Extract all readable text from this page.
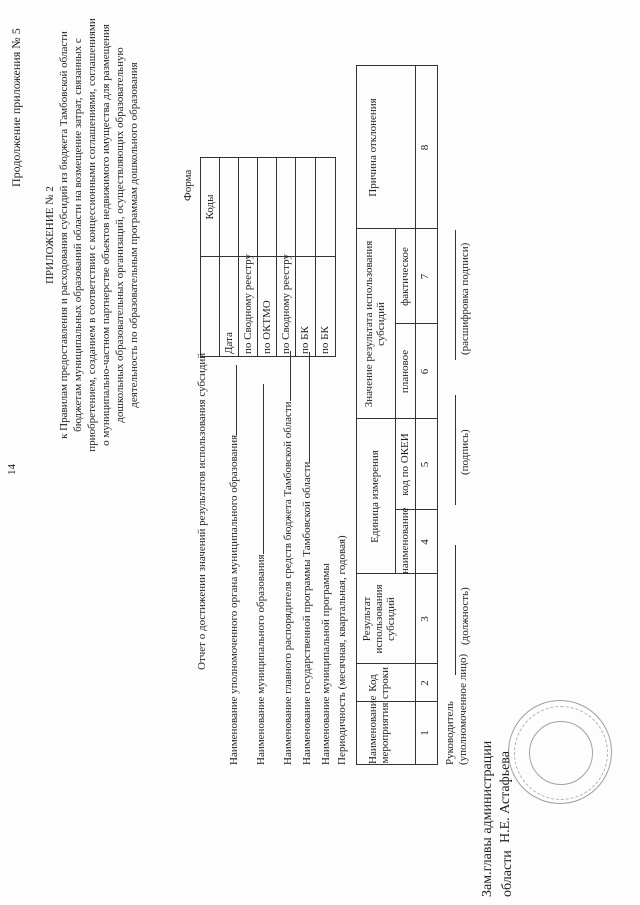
14
Продолжение приложения № 5
ПРИЛОЖЕНИЕ № 2 к Правилам предоставления и расходования субсидий из бюджета Тамбовской области бюджетам муниципальных образований области на возмещение затрат, связанных с приобретением, созданием в соответствии с концессионными соглашениями, соглашениями о муниципально-частном партнерстве объектов недвижимого имущества для размещения дошкольных образовательных организаций, осуществляющих образовательную деятельность по образовательным программам дошкольного образования	Форма
Коды
Дата по Сводному реестру по ОКТМО по Сводному реестру по БК по БК
Отчет о достижении значений результатов использования субсидий Наименование уполномоченного органа муниципального образования Наименование муниципального образования Наименование главного распорядителя средств бюджета Тамбовской области Наименование государственной программы Тамбовской области Наименование муниципальной программы Периодичность (месячная, квартальная, годовая) Наименование мероприятия
Код строки
Результат использования субсидий
Единица измерения наименование
код по ОКЕИ
Значение результата использования субсидий
плановое
фактическое
Причина отклонения
1
2
3
4
5
6
7
8
Руководитель (уполномоченное лицо)
(должность)
(подпись)
(расшифровка подписи)
Зам.главы администрации области
Н.Е. Астафьева
